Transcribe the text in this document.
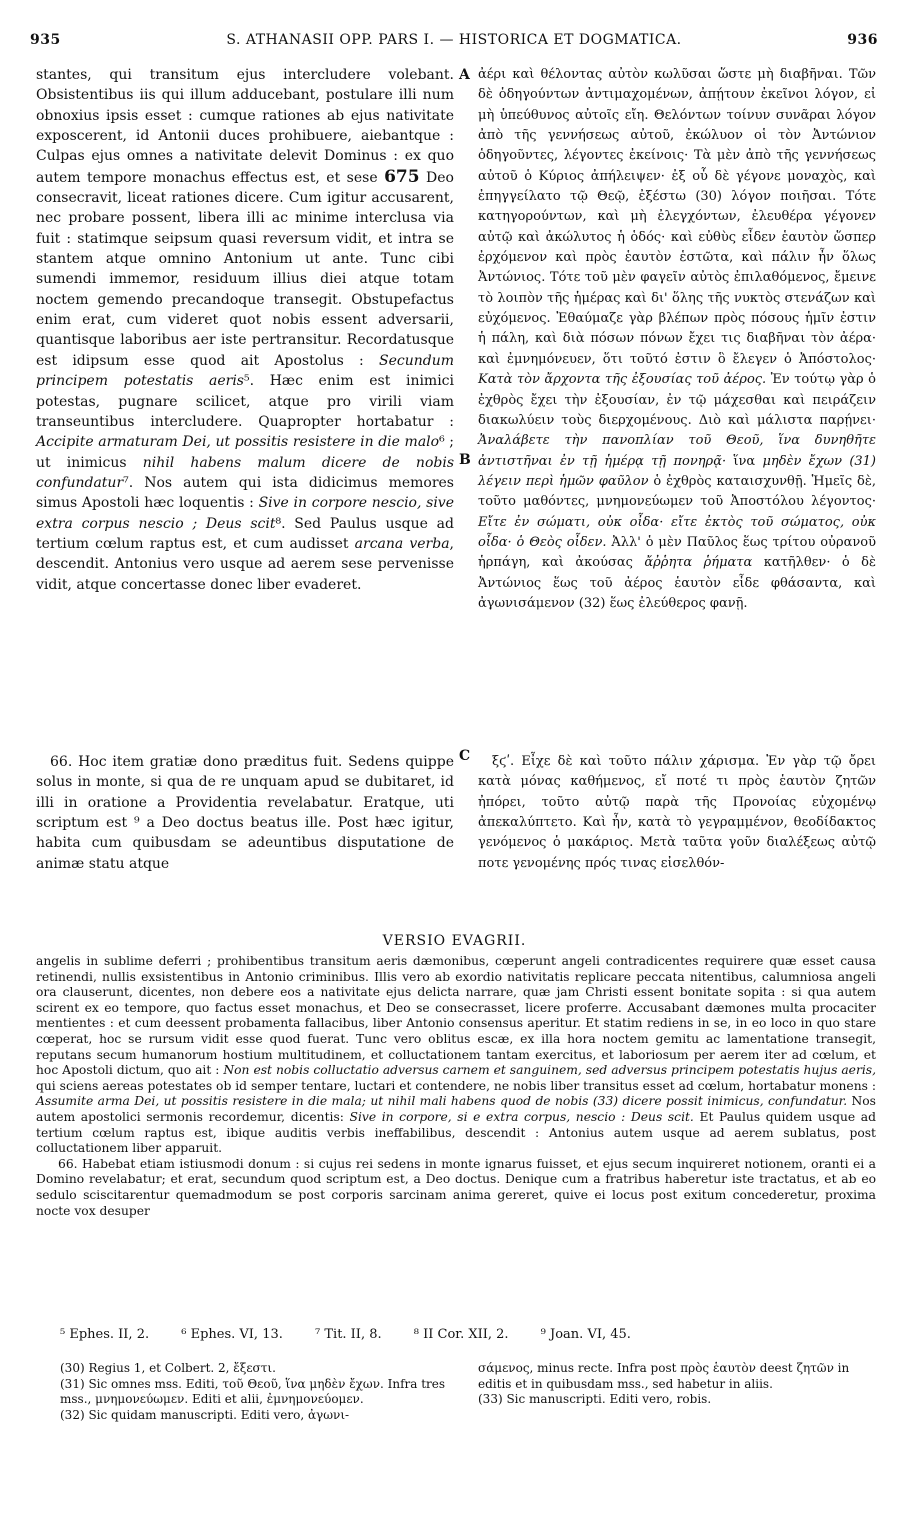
935	S. ATHANASII OPP. PARS I. — HISTORICA ET DOGMATICA.	936
A
B
C

stantes, qui transitum ejus intercludere volebant. Obsistentibus iis qui illum adducebant, postulare illi num obnoxius ipsis esset : cumque rationes ab ejus nativitate exposcerent, id Antonii duces prohibuere, aiebantque : Culpas ejus omnes a nativitate delevit Dominus : ex quo autem tempore monachus effectus est, et sese 675 Deo consecravit, liceat rationes dicere. Cum igitur accusarent, nec probare possent, libera illi ac minime interclusa via fuit : statimque seipsum quasi reversum vidit, et intra se stantem atque omnino Antonium ut ante. Tunc cibi sumendi immemor, residuum illius diei atque totam noctem gemendo precandoque transegit. Obstupefactus enim erat, cum videret quot nobis essent adversarii, quantisque laboribus aer iste pertransitur. Recordatusque est idipsum esse quod ait Apostolus : Secundum principem potestatis aeris⁵. Hæc enim est inimici potestas, pugnare scilicet, atque pro virili viam transeuntibus intercludere. Quapropter hortabatur : Accipite armaturam Dei, ut possitis resistere in die malo⁶ ; ut inimicus nihil habens malum dicere de nobis confundatur⁷. Nos autem qui ista didicimus memores simus Apostoli hæc loquentis : Sive in corpore nescio, sive extra corpus nescio ; Deus scit⁸. Sed Paulus usque ad tertium cœlum raptus est, et cum audisset arcana verba, descendit. Antonius vero usque ad aerem sese pervenisse vidit, atque concertasse donec liber evaderet.

ἀέρι καὶ θέλοντας αὐτὸν κωλῦσαι ὥστε μὴ διαβῆναι. Τῶν δὲ ὁδηγούντων ἀντιμαχομένων, ἀπῄτουν ἐκεῖνοι λόγον, εἰ μὴ ὑπεύθυνος αὐτοῖς εἴη. Θελόντων τοίνυν συνᾶραι λόγον ἀπὸ τῆς γεννήσεως αὐτοῦ, ἐκώλυον οἱ τὸν Ἀντώνιον ὁδηγοῦντες, λέγοντες ἐκείνοις· Τὰ μὲν ἀπὸ τῆς γεννήσεως αὐτοῦ ὁ Κύριος ἀπήλειψεν· ἐξ οὗ δὲ γέγονε μοναχὸς, καὶ ἐπηγγείλατο τῷ Θεῷ, ἐξέστω (30) λόγον ποιῆσαι. Τότε κατηγορούντων, καὶ μὴ ἐλεγχόντων, ἐλευθέρα γέγονεν αὐτῷ καὶ ἀκώλυτος ἡ ὁδός· καὶ εὐθὺς εἶδεν ἑαυτὸν ὥσπερ ἐρχόμενον καὶ πρὸς ἑαυτὸν ἑστῶτα, καὶ πάλιν ἦν ὅλως Ἀντώνιος. Τότε τοῦ μὲν φαγεῖν αὐτὸς ἐπιλαθόμενος, ἔμεινε τὸ λοιπὸν τῆς ἡμέρας καὶ δι' ὅλης τῆς νυκτὸς στενάζων καὶ εὐχόμενος. Ἐθαύμαζε γὰρ βλέπων πρὸς πόσους ἡμῖν ἐστιν ἡ πάλη, καὶ διὰ πόσων πόνων ἔχει τις διαβῆναι τὸν ἀέρα· καὶ ἐμνημόνευεν, ὅτι τοῦτό ἐστιν ὃ ἔλεγεν ὁ Ἀπόστολος· Κατὰ τὸν ἄρχοντα τῆς ἐξουσίας τοῦ ἀέρος. Ἐν τούτῳ γὰρ ὁ ἐχθρὸς ἔχει τὴν ἐξουσίαν, ἐν τῷ μάχεσθαι καὶ πειράζειν διακωλύειν τοὺς διερχομένους. Διὸ καὶ μάλιστα παρῄνει· Ἀναλάβετε τὴν πανοπλίαν τοῦ Θεοῦ, ἵνα δυνηθῆτε ἀντιστῆναι ἐν τῇ ἡμέρᾳ τῇ πονηρᾷ· ἵνα μηδὲν ἔχων (31) λέγειν περὶ ἡμῶν φαῦλον ὁ ἐχθρὸς καταισχυνθῇ. Ἡμεῖς δὲ, τοῦτο μαθόντες, μνημονεύωμεν τοῦ Ἀποστόλου λέγοντος· Εἴτε ἐν σώματι, οὐκ οἶδα· εἴτε ἐκτὸς τοῦ σώματος, οὐκ οἶδα· ὁ Θεὸς οἶδεν. Ἀλλ' ὁ μὲν Παῦλος ἕως τρίτου οὐρανοῦ ἡρπάγη, καὶ ἀκούσας ἄῤῥητα ῥήματα κατῆλθεν· ὁ δὲ Ἀντώνιος ἕως τοῦ ἀέρος ἑαυτὸν εἶδε φθάσαντα, καὶ ἀγωνισάμενον (32) ἕως ἐλεύθερος φανῇ.

66. Hoc item gratiæ dono præditus fuit. Sedens quippe solus in monte, si qua de re unquam apud se dubitaret, id illi in oratione a Providentia revelabatur. Eratque, uti scriptum est ⁹ a Deo doctus beatus ille. Post hæc igitur, habita cum quibusdam se adeuntibus disputatione de animæ statu atque

ξϛʹ. Εἶχε δὲ καὶ τοῦτο πάλιν χάρισμα. Ἐν γὰρ τῷ ὄρει κατὰ μόνας καθήμενος, εἴ ποτέ τι πρὸς ἑαυτὸν ζητῶν ἠπόρει, τοῦτο αὐτῷ παρὰ τῆς Προνοίας εὐχομένῳ ἀπεκαλύπτετο. Καὶ ἦν, κατὰ τὸ γεγραμμένον, θεοδίδακτος γενόμενος ὁ μακάριος. Μετὰ ταῦτα γοῦν διαλέξεως αὐτῷ ποτε γενομένης πρός τινας εἰσελθόν-

VERSIO EVAGRII.

angelis in sublime deferri ; prohibentibus transitum aeris dæmonibus, cœperunt angeli contradicentes requirere quæ esset causa retinendi, nullis exsistentibus in Antonio criminibus. Illis vero ab exordio nativitatis replicare peccata nitentibus, calumniosa angeli ora clauserunt, dicentes, non debere eos a nativitate ejus delicta narrare, quæ jam Christi essent bonitate sopita : si qua autem scirent ex eo tempore, quo factus esset monachus, et Deo se consecrasset, licere proferre. Accusabant dæmones multa procaciter mentientes : et cum deessent probamenta fallacibus, liber Antonio consensus aperitur. Et statim rediens in se, in eo loco in quo stare cœperat, hoc se rursum vidit esse quod fuerat. Tunc vero oblitus escæ, ex illa hora noctem gemitu ac lamentatione transegit, reputans secum humanorum hostium multitudinem, et colluctationem tantam exercitus, et laboriosum per aerem iter ad cœlum, et hoc Apostoli dictum, quo ait : Non est nobis colluctatio adversus carnem et sanguinem, sed adversus principem potestatis hujus aeris, qui sciens aereas potestates ob id semper tentare, luctari et contendere, ne nobis liber transitus esset ad cœlum, hortabatur monens : Assumite arma Dei, ut possitis resistere in die mala; ut nihil mali habens quod de nobis (33) dicere possit inimicus, confundatur. Nos autem apostolici sermonis recordemur, dicentis: Sive in corpore, si e extra corpus, nescio : Deus scit. Et Paulus quidem usque ad tertium cœlum raptus est, ibique auditis verbis ineffabilibus, descendit : Antonius autem usque ad aerem sublatus, post colluctationem liber apparuit.

66. Habebat etiam istiusmodi donum : si cujus rei sedens in monte ignarus fuisset, et ejus secum inquireret notionem, oranti ei a Domino revelabatur; et erat, secundum quod scriptum est, a Deo doctus. Denique cum a fratribus haberetur iste tractatus, et ab eo sedulo sciscitarentur quemadmodum se post corporis sarcinam anima gereret, quive ei locus post exitum concederetur, proxima nocte vox desuper

⁵ Ephes. II, 2. ⁶ Ephes. VI, 13. ⁷ Tit. II, 8. ⁸ II Cor. XII, 2. ⁹ Joan. VI, 45.

(30) Regius 1, et Colbert. 2, ἔξεστι.

(31) Sic omnes mss. Editi, τοῦ Θεοῦ, ἵνα μηδὲν ἔχων. Infra tres mss., μνημονεύωμεν. Editi et alii, ἐμνημονεύομεν.

(32) Sic quidam manuscripti. Editi vero, ἀγωνι-

σάμενος, minus recte. Infra post πρὸς ἑαυτὸν deest ζητῶν in editis et in quibusdam mss., sed habetur in aliis.

(33) Sic manuscripti. Editi vero, robis.
